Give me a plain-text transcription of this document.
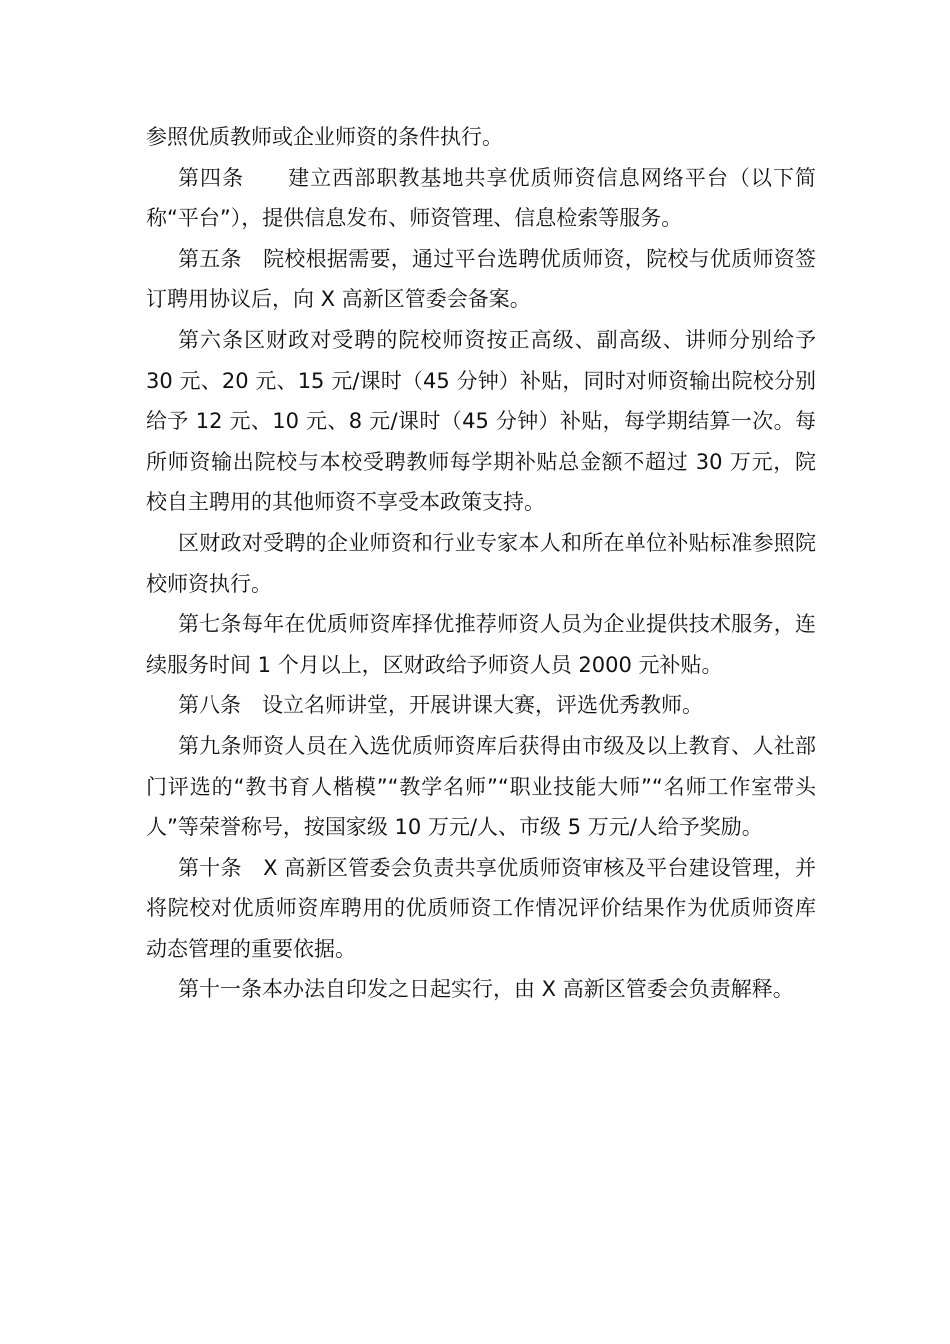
参照优质教师或企业师资的条件执行。

第四条　　建立西部职教基地共享优质师资信息网络平台（以下简称“平台”），提供信息发布、师资管理、信息检索等服务。

第五条　院校根据需要，通过平台选聘优质师资，院校与优质师资签订聘用协议后，向 X 高新区管委会备案。

第六条区财政对受聘的院校师资按正高级、副高级、讲师分别给予 30 元、20 元、15 元/课时（45 分钟）补贴，同时对师资输出院校分别给予 12 元、10 元、8 元/课时（45 分钟）补贴，每学期结算一次。每所师资输出院校与本校受聘教师每学期补贴总金额不超过 30 万元，院校自主聘用的其他师资不享受本政策支持。

区财政对受聘的企业师资和行业专家本人和所在单位补贴标准参照院校师资执行。

第七条每年在优质师资库择优推荐师资人员为企业提供技术服务，连续服务时间 1 个月以上，区财政给予师资人员 2000 元补贴。

第八条　设立名师讲堂，开展讲课大赛，评选优秀教师。

第九条师资人员在入选优质师资库后获得由市级及以上教育、人社部门评选的“教书育人楷模”“教学名师”“职业技能大师”“名师工作室带头人”等荣誉称号，按国家级 10 万元/人、市级 5 万元/人给予奖励。

第十条　X 高新区管委会负责共享优质师资审核及平台建设管理，并将院校对优质师资库聘用的优质师资工作情况评价结果作为优质师资库动态管理的重要依据。

第十一条本办法自印发之日起实行，由 X 高新区管委会负责解释。
